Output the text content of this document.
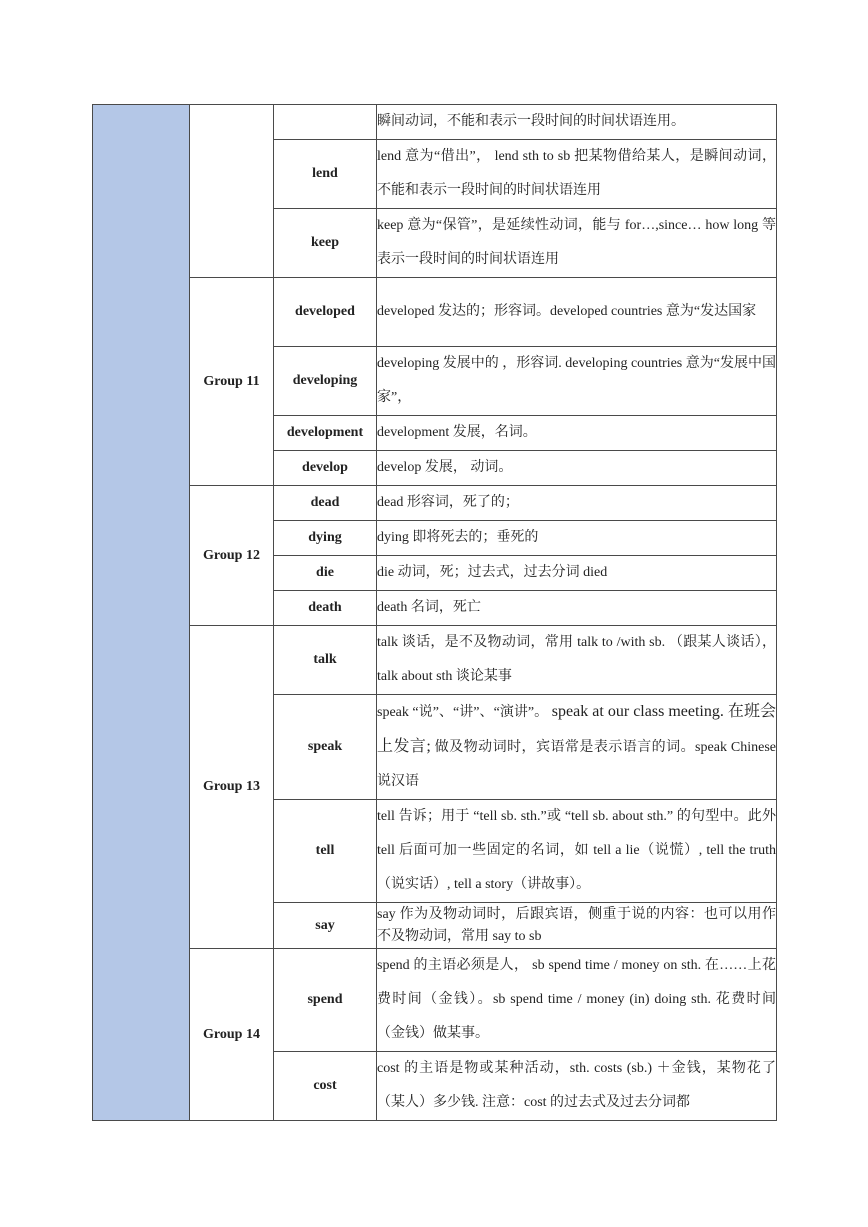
			瞬间动词，不能和表示一段时间的时间状语连用。
		lend	lend 意为“借出”， lend sth to sb 把某物借给某人，是瞬间动词，不能和表示一段时间的时间状语连用
		keep	keep 意为“保管”，是延续性动词，能与 for…,since… how long 等表示一段时间的时间状语连用
	Group 11	developed	developed 发达的；形容词。developed countries 意为“发达国家
		developing	developing 发展中的 ，形容词. developing countries 意为“发展中国家”，
		development	development 发展，名词。
		develop	develop 发展， 动词。
	Group 12	dead	dead 形容词，死了的；
		dying	dying 即将死去的；垂死的
		die	die 动词，死；过去式，过去分词 died
		death	death 名词，死亡
	Group 13	talk	talk 谈话，是不及物动词，常用 talk to /with sb. （跟某人谈话），talk about sth 谈论某事
		speak	speak “说”、“讲”、“演讲”。 speak at our class meeting. 在班会上发言; 做及物动词时，宾语常是表示语言的词。speak Chinese 说汉语
		tell	tell 告诉；用于 “tell sb. sth.”或 “tell sb. about sth.” 的句型中。此外 tell 后面可加一些固定的名词，如 tell a lie（说慌）, tell the truth （说实话）, tell a story（讲故事）。
		say	say 作为及物动词时，后跟宾语，侧重于说的内容：也可以用作不及物动词，常用 say to sb
	Group 14	spend	spend 的主语必须是人， sb spend time / money on sth. 在……上花费时间（金钱）。sb spend time / money (in) doing sth. 花费时间（金钱）做某事。
		cost	cost 的主语是物或某种活动，sth. costs (sb.) ＋金钱，某物花了（某人）多少钱. 注意：cost 的过去式及过去分词都
